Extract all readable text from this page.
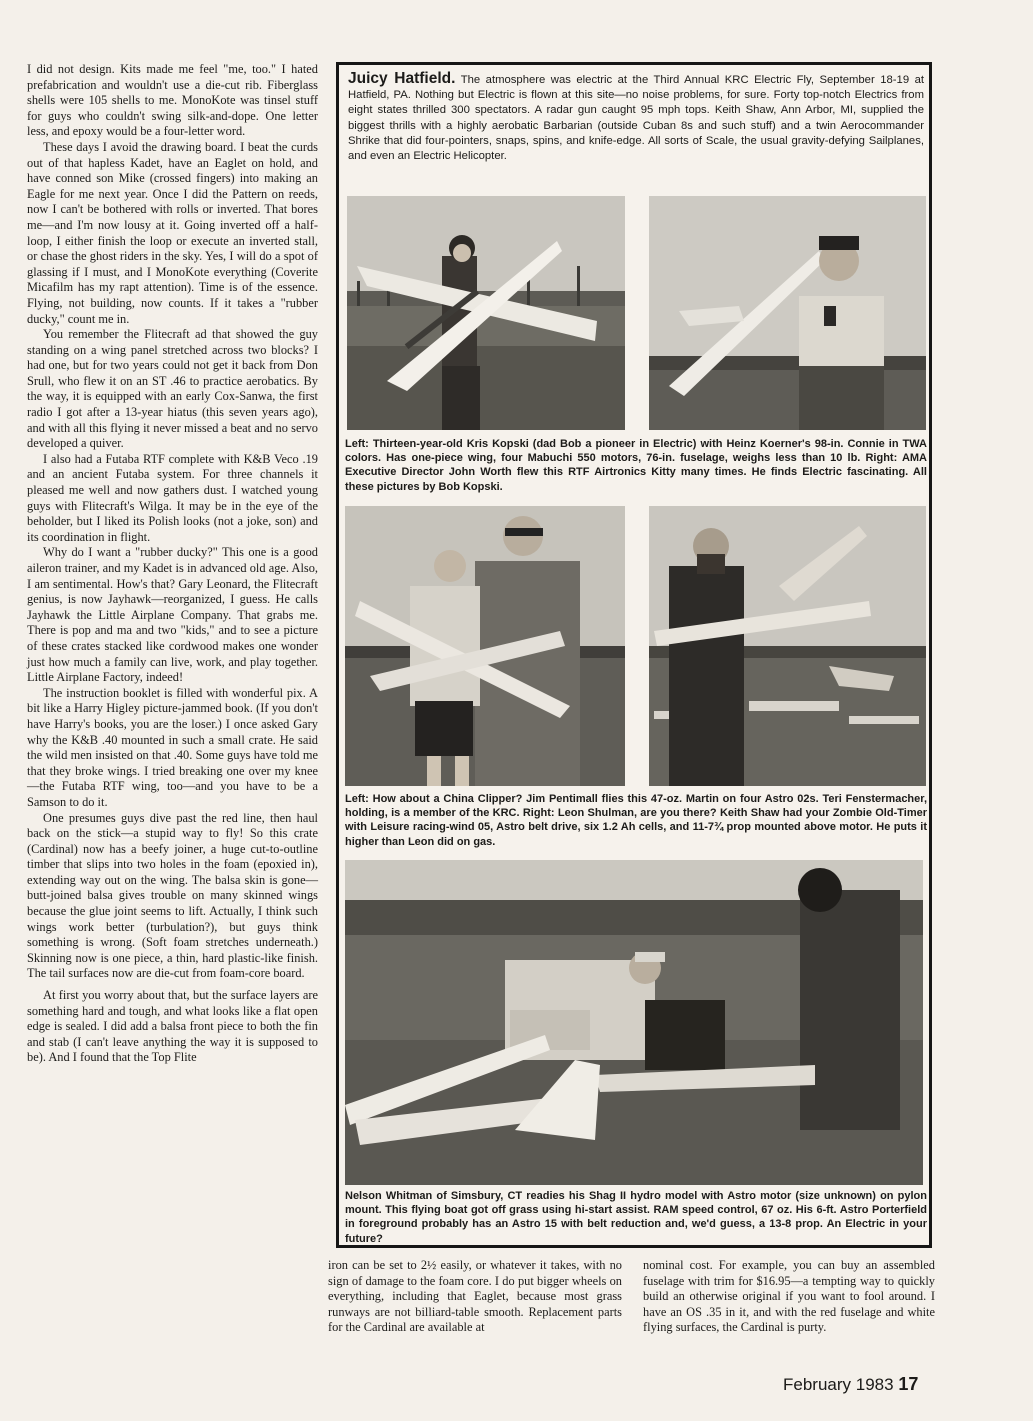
I did not design. Kits made me feel "me, too." I hated prefabrication and wouldn't use a die-cut rib. Fiberglass shells were 105 shells to me. MonoKote was tinsel stuff for guys who couldn't swing silk-and-dope. One letter less, and epoxy would be a four-letter word.

These days I avoid the drawing board. I beat the curds out of that hapless Kadet, have an Eaglet on hold, and have conned son Mike (crossed fingers) into making an Eagle for me next year. Once I did the Pattern on reeds, now I can't be bothered with rolls or inverted. That bores me—and I'm now lousy at it. Going inverted off a half-loop, I either finish the loop or execute an inverted stall, or chase the ghost riders in the sky. Yes, I will do a spot of glassing if I must, and I MonoKote everything (Coverite Micafilm has my rapt attention). Time is of the essence. Flying, not building, now counts. If it takes a "rubber ducky," count me in.

You remember the Flitecraft ad that showed the guy standing on a wing panel stretched across two blocks? I had one, but for two years could not get it back from Don Srull, who flew it on an ST .46 to practice aerobatics. By the way, it is equipped with an early Cox-Sanwa, the first radio I got after a 13-year hiatus (this seven years ago), and with all this flying it never missed a beat and no servo developed a quiver.

I also had a Futaba RTF complete with K&B Veco .19 and an ancient Futaba system. For three channels it pleased me well and now gathers dust. I watched young guys with Flitecraft's Wilga. It may be in the eye of the beholder, but I liked its Polish looks (not a joke, son) and its coordination in flight.

Why do I want a "rubber ducky?" This one is a good aileron trainer, and my Kadet is in advanced old age. Also, I am sentimental. How's that? Gary Leonard, the Flitecraft genius, is now Jayhawk—reorganized, I guess. He calls Jayhawk the Little Airplane Company. That grabs me. There is pop and ma and two "kids," and to see a picture of these crates stacked like cordwood makes one wonder just how much a family can live, work, and play together. Little Airplane Factory, indeed!

The instruction booklet is filled with wonderful pix. A bit like a Harry Higley picture-jammed book. (If you don't have Harry's books, you are the loser.) I once asked Gary why the K&B .40 mounted in such a small crate. He said the wild men insisted on that .40. Some guys have told me that they broke wings. I tried breaking one over my knee—the Futaba RTF wing, too—and you have to be a Samson to do it.

One presumes guys dive past the red line, then haul back on the stick—a stupid way to fly! So this crate (Cardinal) now has a beefy joiner, a huge cut-to-outline timber that slips into two holes in the foam (epoxied in), extending way out on the wing. The balsa skin is gone—butt-joined balsa gives trouble on many skinned wings because the glue joint seems to lift. Actually, I think such wings work better (turbulation?), but guys think something is wrong. (Soft foam stretches underneath.) Skinning now is one piece, a thin, hard plastic-like finish. The tail surfaces now are die-cut from foam-core board.

At first you worry about that, but the surface layers are something hard and tough, and what looks like a flat open edge is sealed. I did add a balsa front piece to both the fin and stab (I can't leave anything the way it is supposed to be). And I found that the Top Flite

Juicy Hatfield. The atmosphere was electric at the Third Annual KRC Electric Fly, September 18-19 at Hatfield, PA. Nothing but Electric is flown at this site—no noise problems, for sure. Forty top-notch Electrics from eight states thrilled 300 spectators. A radar gun caught 95 mph tops. Keith Shaw, Ann Arbor, MI, supplied the biggest thrills with a highly aerobatic Barbarian (outside Cuban 8s and such stuff) and a twin Aerocommander Shrike that did four-pointers, snaps, spins, and knife-edge. All sorts of Scale, the usual gravity-defying Sailplanes, and even an Electric Helicopter.
Left: Thirteen-year-old Kris Kopski (dad Bob a pioneer in Electric) with Heinz Koerner's 98-in. Connie in TWA colors. Has one-piece wing, four Mabuchi 550 motors, 76-in. fuselage, weighs less than 10 lb. Right: AMA Executive Director John Worth flew this RTF Airtronics Kitty many times. He finds Electric fascinating. All these pictures by Bob Kopski.
Left: How about a China Clipper? Jim Pentimall flies this 47-oz. Martin on four Astro 02s. Teri Fenstermacher, holding, is a member of the KRC. Right: Leon Shulman, are you there? Keith Shaw had your Zombie Old-Timer with Leisure racing-wind 05, Astro belt drive, six 1.2 Ah cells, and 11-7¾ prop mounted above motor. He puts it higher than Leon did on gas.
Nelson Whitman of Simsbury, CT readies his Shag II hydro model with Astro motor (size unknown) on pylon mount. This flying boat got off grass using hi-start assist. RAM speed control, 67 oz. His 6-ft. Astro Porterfield in foreground probably has an Astro 15 with belt reduction and, we'd guess, a 13-8 prop. An Electric in your future?

iron can be set to 2½ easily, or whatever it takes, with no sign of damage to the foam core. I do put bigger wheels on everything, including that Eaglet, because most grass runways are not billiard-table smooth. Replacement parts for the Cardinal are available at

nominal cost. For example, you can buy an assembled fuselage with trim for $16.95—a tempting way to quickly build an otherwise original if you want to fool around. I have an OS .35 in it, and with the red fuselage and white flying surfaces, the Cardinal is purty.

February 1983 17
